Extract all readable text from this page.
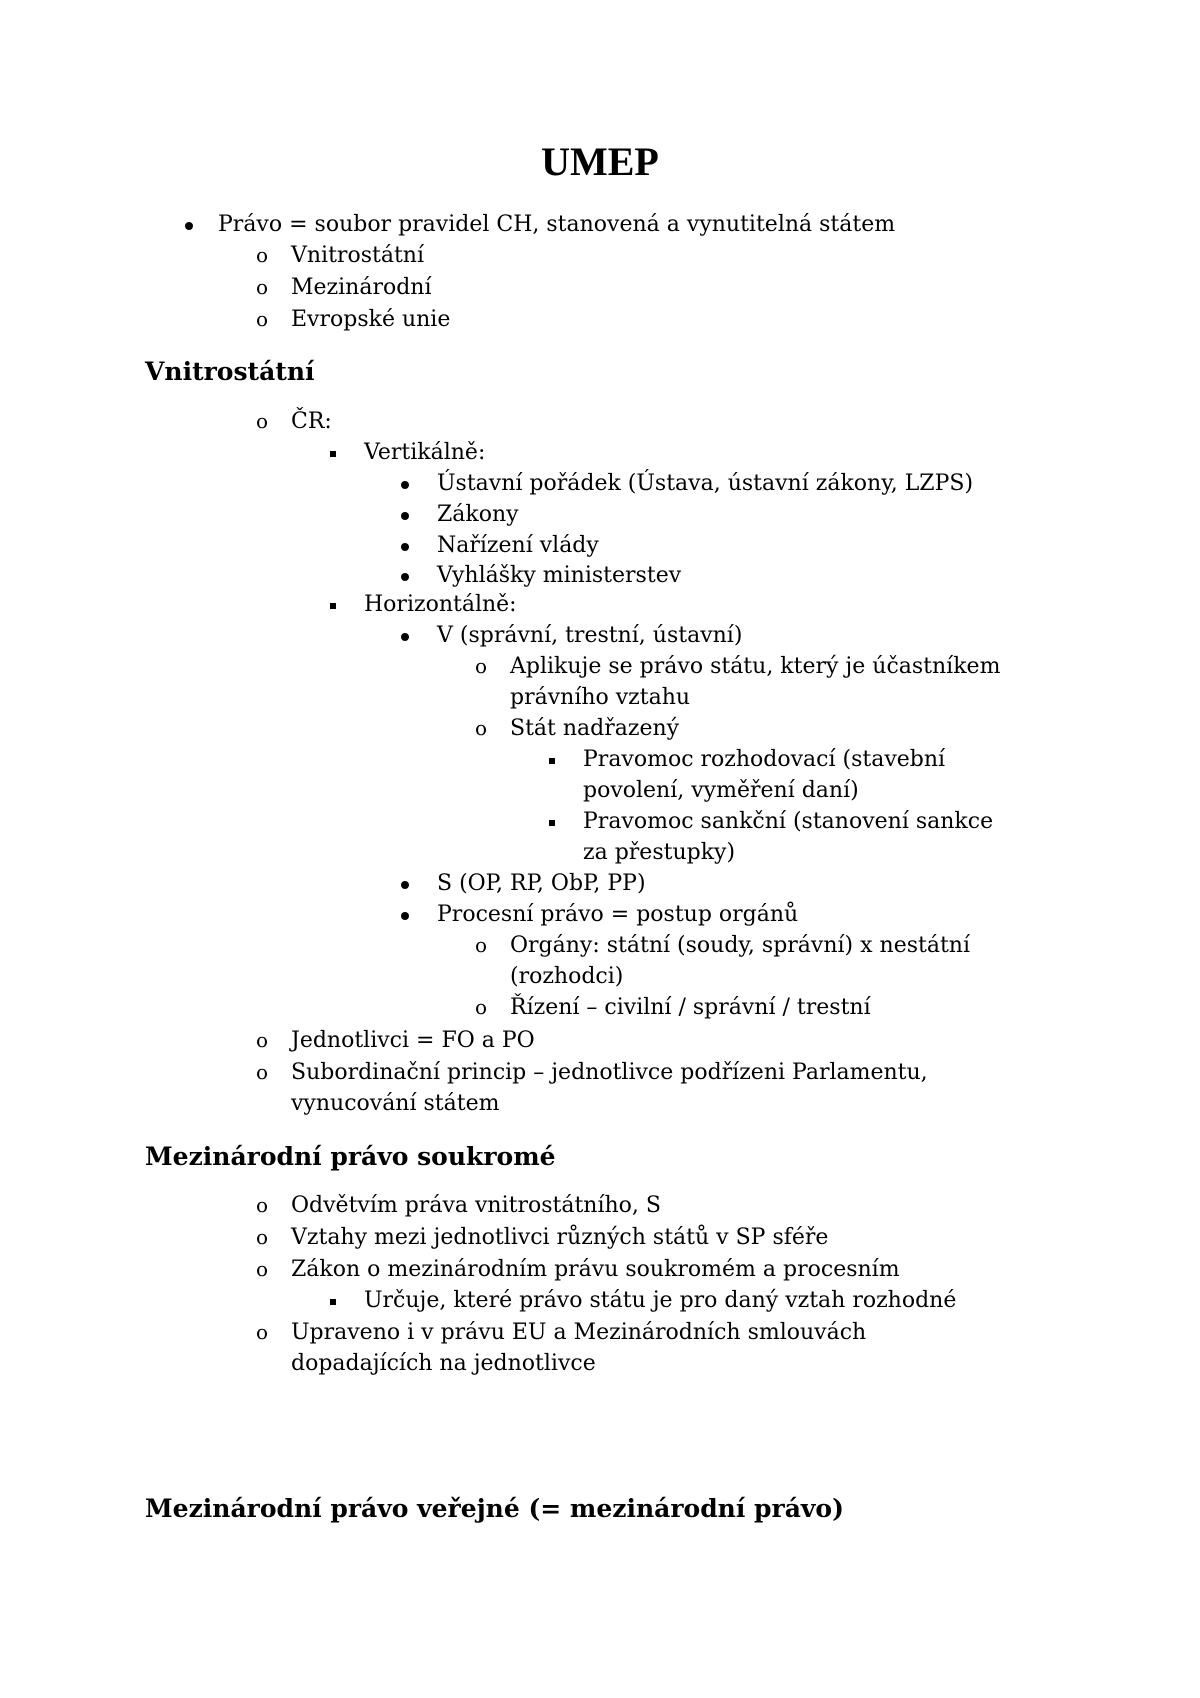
UMEP

Právo = soubor pravidel CH, stanovená a vynutitelná státem

o Vnitrostátní

o Mezinárodní

o Evropské unie

Vnitrostátní
o ČR:

Vertikálně:

Ústavní pořádek (Ústava, ústavní zákony, LZPS)

Zákony

Nařízení vlády

Vyhlášky ministerstev

Horizontálně:

V (správní, trestní, ústavní)

o Aplikuje se právo státu, který je účastníkem

právního vztahu

o Stát nadřazený

Pravomoc rozhodovací (stavební

povolení, vyměření daní)

Pravomoc sankční (stanovení sankce

za přestupky)

S (OP, RP, ObP, PP)

Procesní právo = postup orgánů

o Orgány: státní (soudy, správní) x nestátní

(rozhodci)

o Řízení – civilní / správní / trestní

o Jednotlivci = FO a PO

o Subordinační princip – jednotlivce podřízeni Parlamentu,

vynucování státem

Mezinárodní právo soukromé
o Odvětvím práva vnitrostátního, S

o Vztahy mezi jednotlivci různých států v SP sféře

o Zákon o mezinárodním právu soukromém a procesním

Určuje, které právo státu je pro daný vztah rozhodné

o Upraveno i v právu EU a Mezinárodních smlouvách

dopadajících na jednotlivce

Mezinárodní právo veřejné (= mezinárodní právo)
